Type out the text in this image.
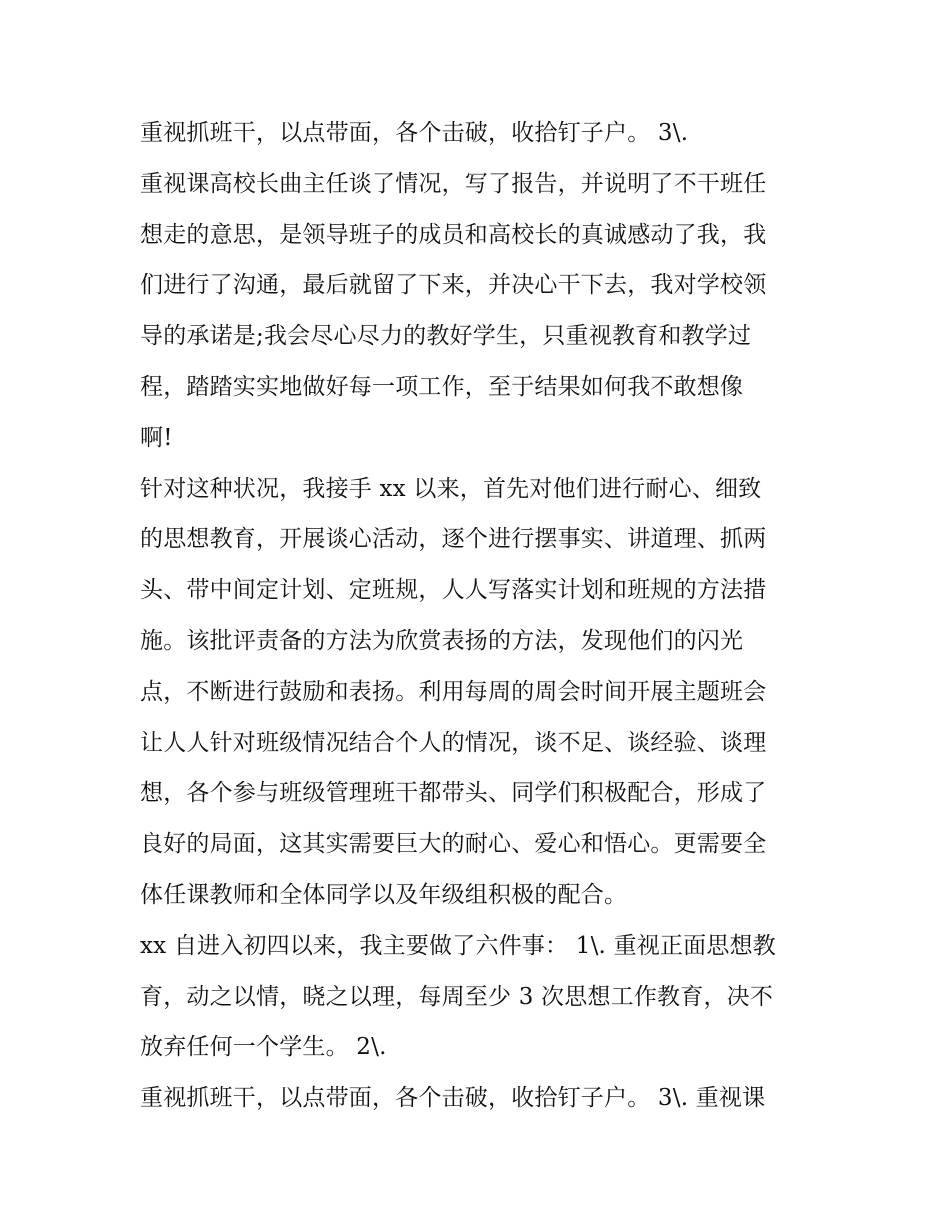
重视抓班干，以点带面，各个击破，收拾钉子户。 3\.
重视课高校长曲主任谈了情况，写了报告，并说明了不干班任
想走的意思，是领导班子的成员和高校长的真诚感动了我，我
们进行了沟通，最后就留了下来，并决心干下去，我对学校领
导的承诺是;我会尽心尽力的教好学生，只重视教育和教学过
程，踏踏实实地做好每一项工作，至于结果如何我不敢想像
啊!
针对这种状况，我接手 xx 以来，首先对他们进行耐心、细致
的思想教育，开展谈心活动，逐个进行摆事实、讲道理、抓两
头、带中间定计划、定班规，人人写落实计划和班规的方法措
施。该批评责备的方法为欣赏表扬的方法，发现他们的闪光
点，不断进行鼓励和表扬。利用每周的周会时间开展主题班会
让人人针对班级情况结合个人的情况，谈不足、谈经验、谈理
想，各个参与班级管理班干都带头、同学们积极配合，形成了
良好的局面，这其实需要巨大的耐心、爱心和悟心。更需要全
体任课教师和全体同学以及年级组积极的配合。
xx 自进入初四以来，我主要做了六件事： 1\. 重视正面思想教
育，动之以情，晓之以理，每周至少 3 次思想工作教育，决不
放弃任何一个学生。 2\.
重视抓班干，以点带面，各个击破，收拾钉子户。 3\. 重视课
